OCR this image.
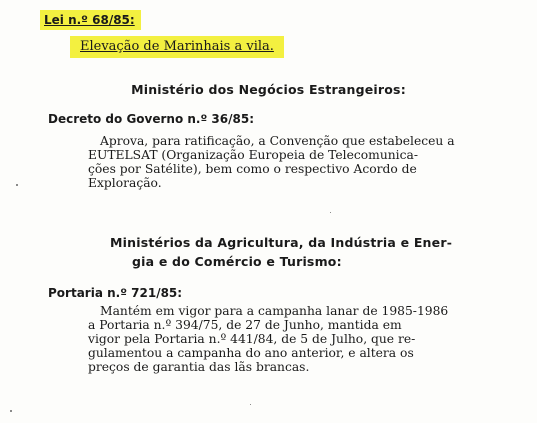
Lei n.º 68/85:
Elevação de Marinhais a vila.
Ministério dos Negócios Estrangeiros:
Decreto do Governo n.º 36/85:

Aprova, para ratificação, a Convenção que estabeleceu a
EUTELSAT (Organização Europeia de Telecomunica-
ções por Satélite), bem como o respectivo Acordo de
Exploração.

Ministérios da Agricultura, da Indústria e Ener-
gia e do Comércio e Turismo:
Portaria n.º 721/85:

Mantém em vigor para a campanha lanar de 1985-1986
a Portaria n.º 394/75, de 27 de Junho, mantida em
vigor pela Portaria n.º 441/84, de 5 de Julho, que re-
gulamentou a campanha do ano anterior, e altera os
preços de garantia das lãs brancas.
